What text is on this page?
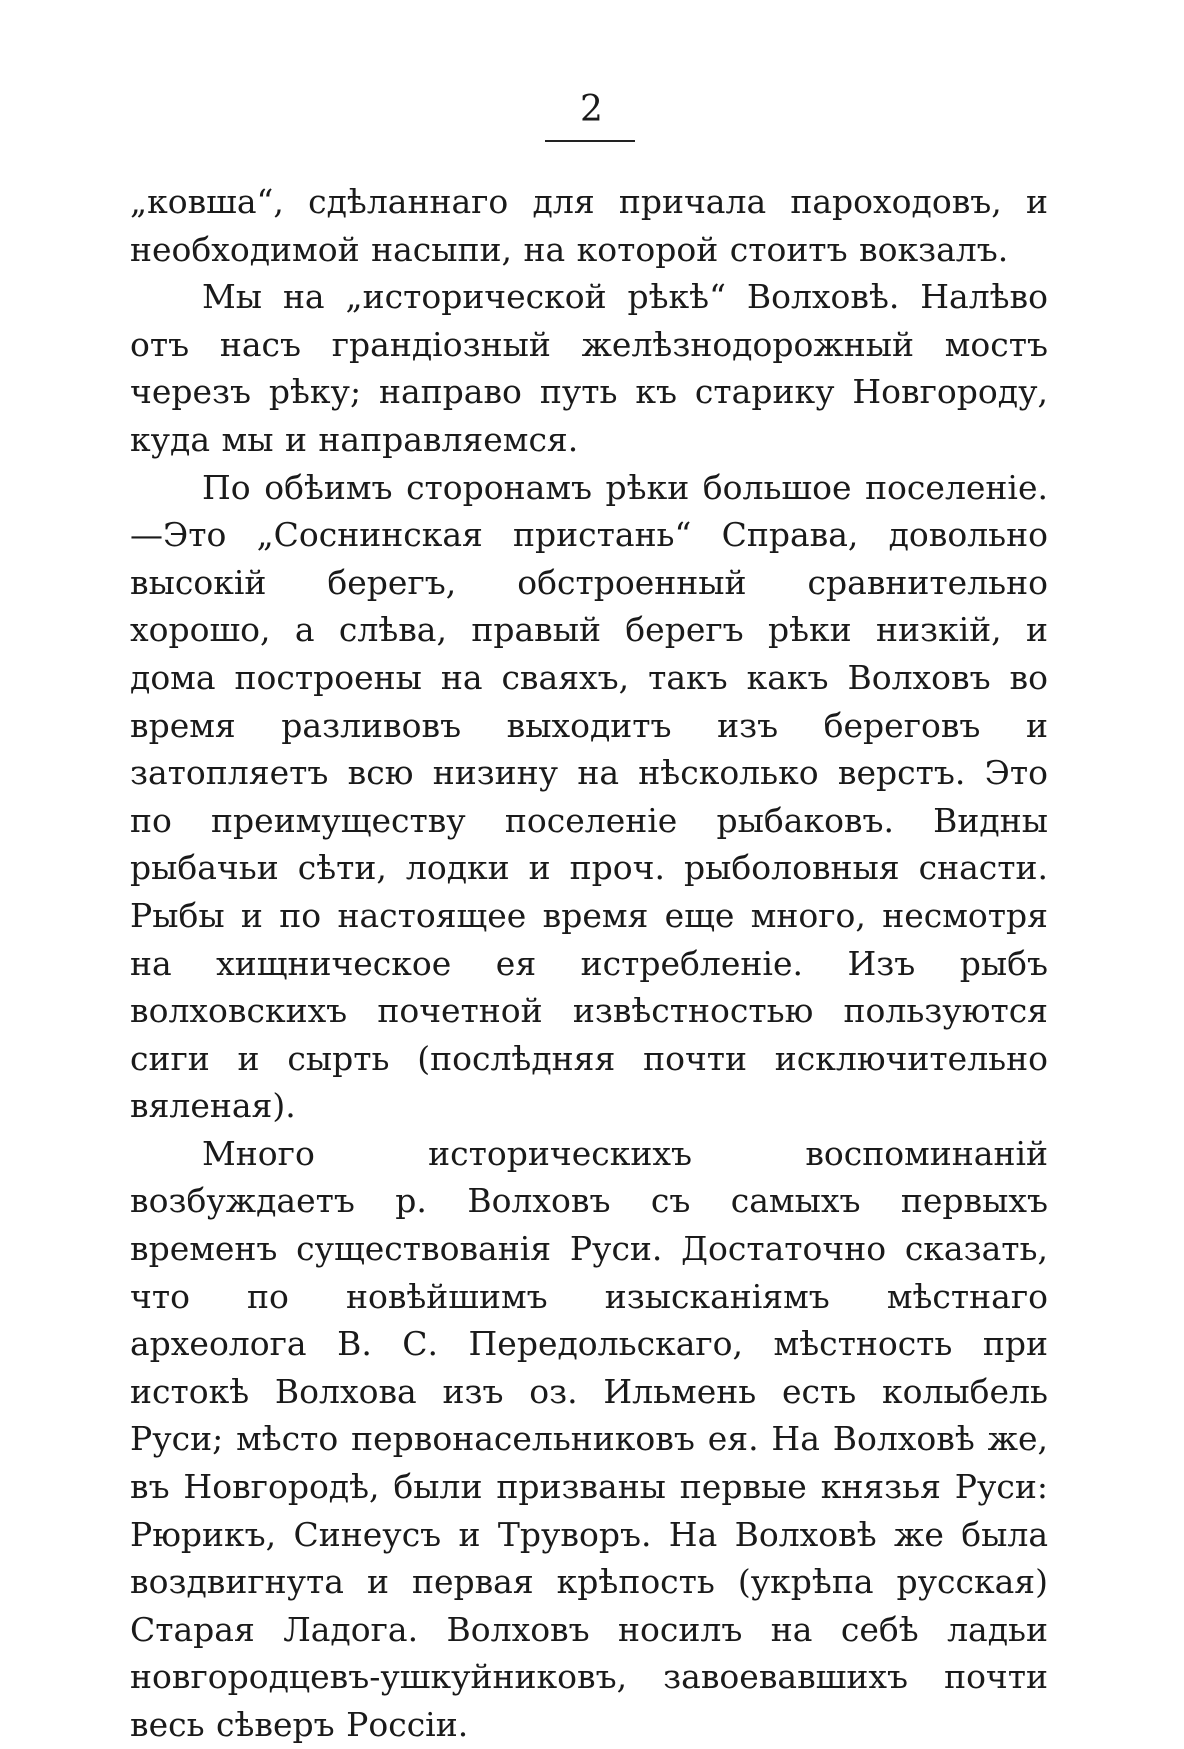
2

„ковша“, сдѣланнаго для причала пароходовъ, и необходимой насыпи, на которой стоитъ вокзалъ.

Мы на „исторической рѣкѣ“ Волховѣ. Налѣво отъ насъ грандіозный желѣзнодорожный мостъ черезъ рѣку; направо путь къ старику Новгороду, куда мы и направляемся.

По обѣимъ сторонамъ рѣки большое поселеніе.—Это „Соснинская пристань“ Справа, довольно высокій берегъ, обстроенный сравнительно хорошо, а слѣва, правый берегъ рѣки низкій, и дома построены на сваяхъ, такъ какъ Волховъ во время разливовъ выходитъ изъ береговъ и затопляетъ всю низину на нѣсколько верстъ. Это по преимуществу поселеніе рыбаковъ. Видны рыбачьи сѣти, лодки и проч. рыболовныя снасти. Рыбы и по настоящее время еще много, несмотря на хищническое ея истребленіе. Изъ рыбъ волховскихъ почетной извѣстностью пользуются сиги и сырть (послѣдняя почти исключительно вяленая).

Много историческихъ воспоминаній возбуждаетъ р. Волховъ съ самыхъ первыхъ временъ существованія Руси. Достаточно сказать, что по новѣйшимъ изысканіямъ мѣстнаго археолога В. С. Передольскаго, мѣстность при истокѣ Волхова изъ оз. Ильмень есть колыбель Руси; мѣсто первонасельниковъ ея. На Волховѣ же, въ Новгородѣ, были призваны первые князья Руси: Рюрикъ, Синеусъ и Труворъ. На Волховѣ же была воздвигнута и первая крѣпость (укрѣпа русская) Старая Ладога. Волховъ носилъ на себѣ ладьи новгородцевъ-ушкуйниковъ, завоевавшихъ почти весь сѣверъ Россіи.
